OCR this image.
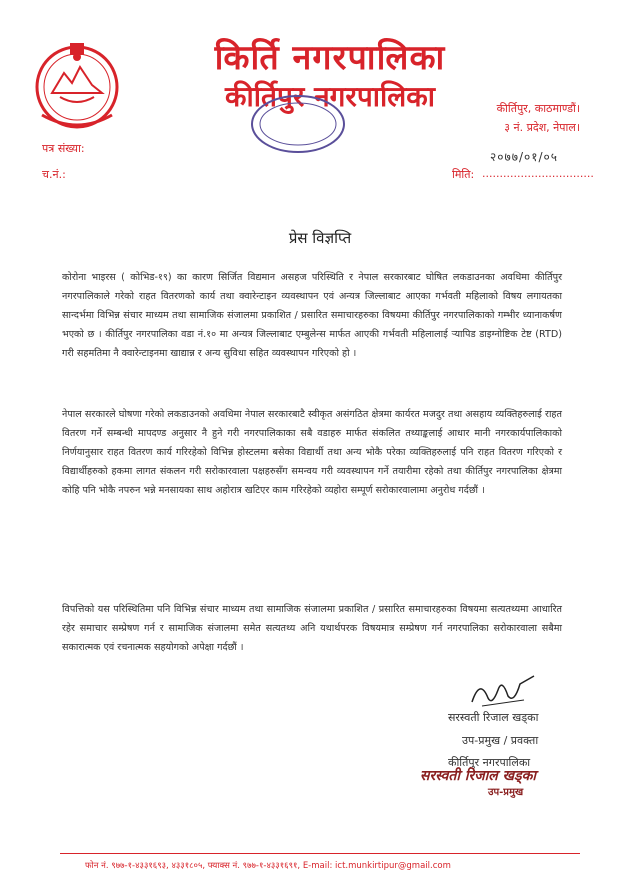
किर्ति नगरपालिका
कीर्तिपुर नगरपालिका	कीर्तिपुर, काठमाण्डौं।
३ नं. प्रदेश, नेपाल।
पत्र संख्या:
च.नं.:
२०७७/०१/०५
मिति: ................................
प्रेस विज्ञप्ति
कोरोना भाइरस ( कोभिड-१९) का कारण सिर्जित विद्यमान असहज परिस्थिति र नेपाल सरकारबाट घोषित लकडाउनका अवधिमा कीर्तिपुर नगरपालिकाले गरेको राहत वितरणको कार्य तथा क्वारेन्टाइन व्यवस्थापन एवं अन्यत्र जिल्लाबाट आएका गर्भवती महिलाको विषय लगायतका सान्दर्भमा विभिन्न संचार माध्यम तथा सामाजिक संजालमा प्रकाशित / प्रसारित समाचारहरुका विषयमा कीर्तिपुर नगरपालिकाको गम्भीर ध्यानाकर्षण भएको छ । कीर्तिपुर नगरपालिका वडा नं.१० मा अन्यत्र जिल्लाबाट एम्बुलेन्स मार्फत आएकी गर्भवती महिलालाई र्‍यापिड डाइग्नोष्टिक टेष्ट (RTD) गरी सहमतिमा नै क्वारेन्टाइनमा खाद्यान्न र अन्य सुविधा सहित व्यवस्थापन गरिएको हो ।
नेपाल सरकारले घोषणा गरेको लकडाउनको अवधिमा नेपाल सरकारबाटै स्वीकृत असंगठित क्षेत्रमा कार्यरत मजदुर तथा असहाय व्यक्तिहरुलाई राहत वितरण गर्ने सम्बन्धी मापदण्ड अनुसार नै हुने गरी नगरपालिकाका सबै वडाहरु मार्फत संकलित तथ्याङ्कलाई आधार मानी नगरकार्यपालिकाको निर्णयानुसार राहत वितरण कार्य गरिरहेको विभिन्न होस्टलमा बसेका विद्यार्थी तथा अन्य भोकै परेका व्यक्तिहरुलाई पनि राहत वितरण गरिएको र विद्यार्थीहरुको हकमा लागत संकलन गरी सरोकारवाला पक्षहरुसँग समन्वय गरी व्यवस्थापन गर्ने तयारीमा रहेको तथा कीर्तिपुर नगरपालिका क्षेत्रमा कोहि पनि भोकै नपरुन भन्ने मनसायका साथ अहोरात्र खटिएर काम गरिरहेको व्यहोरा सम्पूर्ण सरोकारवालामा अनुरोध गर्दछौं ।
विपत्तिको यस परिस्थितिमा पनि विभिन्न संचार माध्यम तथा सामाजिक संजालमा प्रकाशित / प्रसारित समाचारहरुका विषयमा सत्यतथ्यमा आधारित रहेर समाचार सम्प्रेषण गर्न र सामाजिक संजालमा समेत सत्यतथ्य अनि यथार्थपरक विषयमात्र सम्प्रेषण गर्न नगरपालिका सरोकारवाला सबैमा सकारात्मक एवं रचनात्मक सहयोगको अपेक्षा गर्दछौं ।
सरस्वती रिजाल खड्का
उप-प्रमुख / प्रवक्ता
कीर्तिपुर नगरपालिका
सरस्वती रिजाल खड्का
उप-प्रमुख
फोन नं. ९७७-१-४३३१६९३, ४३३१८०५, फ्याक्स नं. ९७७-१-४३३१६९१, E-mail: ict.munkirtipur@gmail.com
